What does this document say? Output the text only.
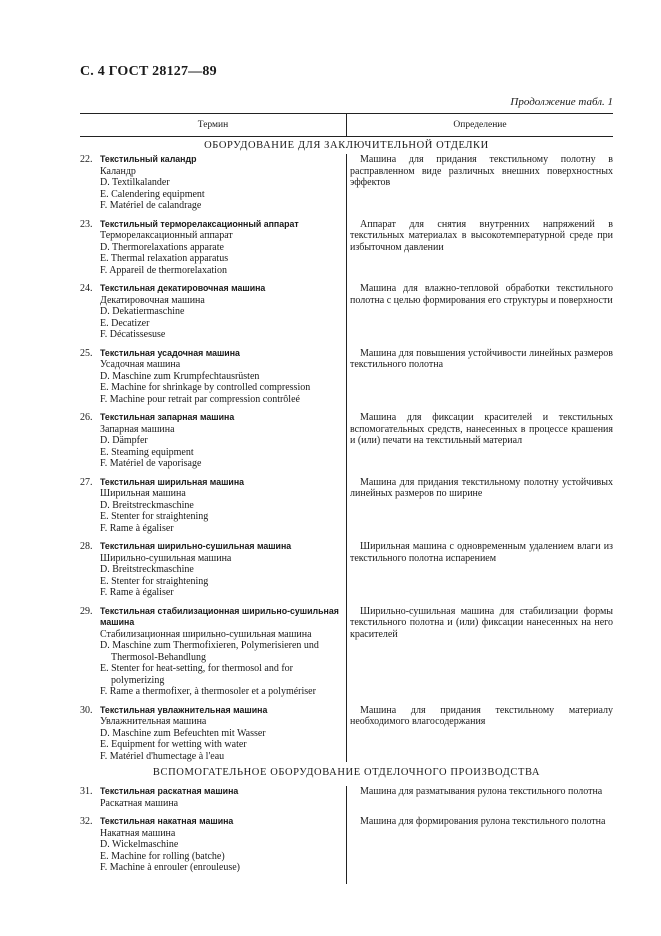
С. 4 ГОСТ 28127—89
Продолжение табл. 1
Термин	Определение
ОБОРУДОВАНИЕ ДЛЯ ЗАКЛЮЧИТЕЛЬНОЙ ОТДЕЛКИ
22. Текстильный каландр
Каландр
D. Textilkalander
E. Calendering equipment
F. Matériel de calandrage
Машина для придания текстильному полотну в расправленном виде различных внешних поверхностных эффектов
23. Текстильный терморелаксационный аппарат
Терморелаксационный аппарат
D. Thermorelaxations apparate
E. Thermal relaxation apparatus
F. Appareil de thermorelaxation
Аппарат для снятия внутренних напряжений в текстильных материалах в высокотемпературной среде при избыточном давлении
24. Текстильная декатировочная машина
Декатировочная машина
D. Dekatiermaschine
E. Decatizer
F. Décatissesuse
Машина для влажно-тепловой обработки текстильного полотна с целью формирования его структуры и поверхности
25. Текстильная усадочная машина
Усадочная машина
D. Maschine zum Krumpfechtausrüsten
E. Machine for shrinkage by controlled compression
F. Machine pour retrait par compression contrôleé
Машина для повышения устойчивости линейных размеров текстильного полотна
26. Текстильная запарная машина
Запарная машина
D. Dämpfer
E. Steaming equipment
F. Matériel de vaporisage
Машина для фиксации красителей и текстильных вспомогательных средств, нанесенных в процессе крашения и (или) печати на текстильный материал
27. Текстильная ширильная машина
Ширильная машина
D. Breitstreckmaschine
E. Stenter for straightening
F. Rame à égaliser
Машина для придания текстильному полотну устойчивых линейных размеров по ширине
28. Текстильная ширильно-сушильная машина
Ширильно-сушильная машина
D. Breitstreckmaschine
E. Stenter for straightening
F. Rame à égaliser
Ширильная машина с одновременным удалением влаги из текстильного полотна испарением
29. Текстильная стабилизационная ширильно-сушильная машина
Стабилизационная ширильно-сушильная машина
D. Maschine zum Thermofixieren, Polymerisieren und
Thermosol-Behandlung
E. Stenter for heat-setting, for thermosol and for
polymerizing
F. Rame a thermofixer, à thermosoler et a polymériser
Ширильно-сушильная машина для стабилизации формы текстильного полотна и (или) фиксации нанесенных на него красителей
30. Текстильная увлажнительная машина
Увлажнительная машина
D. Maschine zum Befeuchten mit Wasser
E. Equipment for wetting with water
F. Matériel d'humectage à l'eau
Машина для придания текстильному материалу необходимого влагосодержания
ВСПОМОГАТЕЛЬНОЕ ОБОРУДОВАНИЕ ОТДЕЛОЧНОГО ПРОИЗВОДСТВА
31. Текстильная раскатная машина
Раскатная машина
Машина для разматывания рулона текстильного полотна
32. Текстильная накатная машина
Накатная машина
D. Wickelmaschine
E. Machine for rolling (batche)
F. Machine à enrouler (enrouleuse)
Машина для формирования рулона текстильного полотна
